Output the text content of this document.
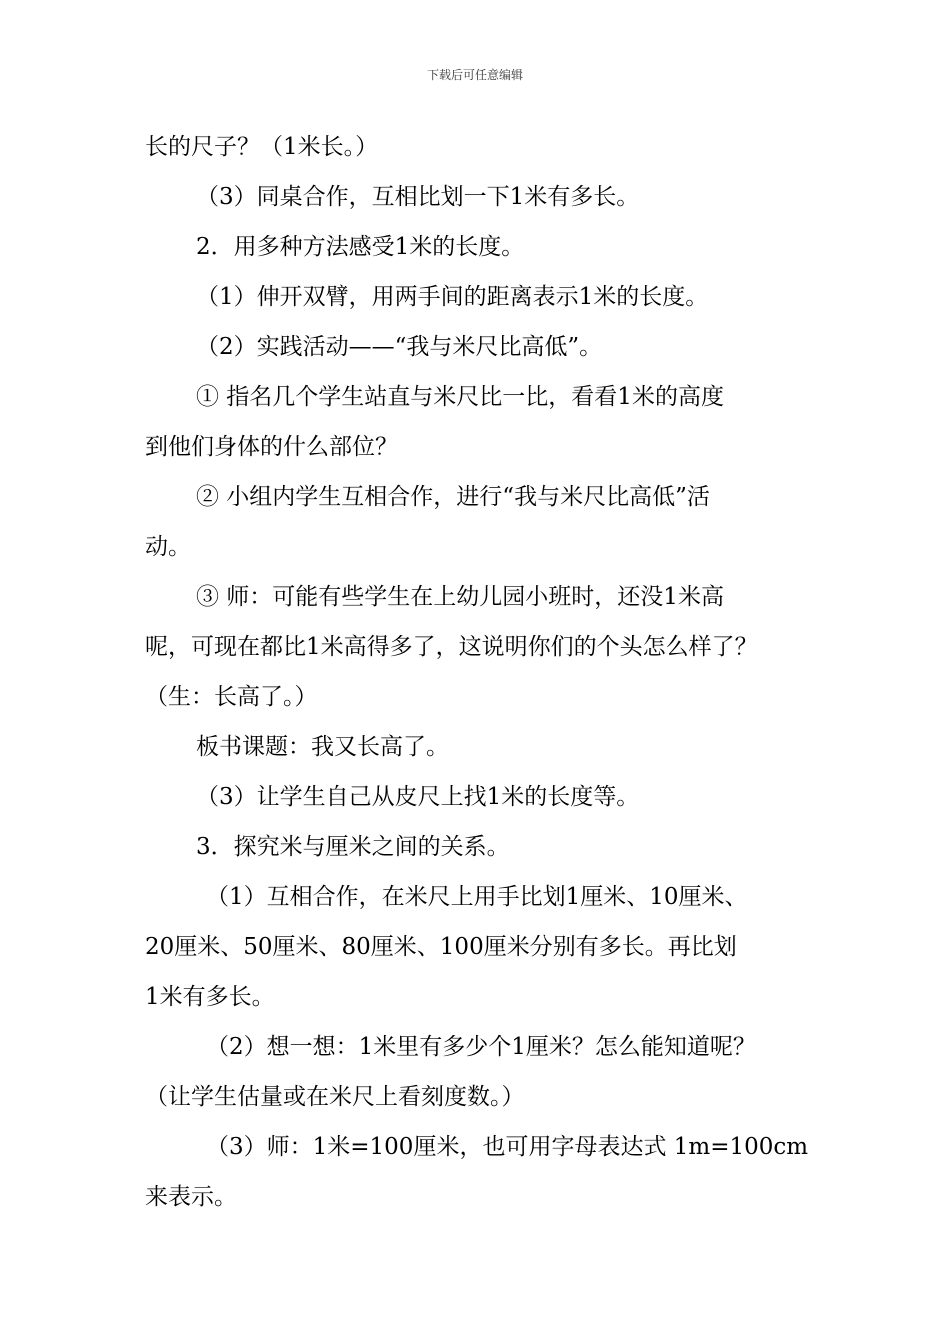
下载后可任意编辑

长的尺子？（1米长。）

（3）同桌合作，互相比划一下1米有多长。

2．用多种方法感受1米的长度。

（1）伸开双臂，用两手间的距离表示1米的长度。

（2）实践活动——“我与米尺比高低”。

① 指名几个学生站直与米尺比一比，看看1米的高度

到他们身体的什么部位？

② 小组内学生互相合作，进行“我与米尺比高低”活

动。

③ 师：可能有些学生在上幼儿园小班时，还没1米高

呢，可现在都比1米高得多了，这说明你们的个头怎么样了？

（生：长高了。）

板书课题：我又长高了。

（3）让学生自己从皮尺上找1米的长度等。

3．探究米与厘米之间的关系。

（1）互相合作，在米尺上用手比划1厘米、10厘米、

20厘米、50厘米、80厘米、100厘米分别有多长。再比划

1米有多长。

（2）想一想：1米里有多少个1厘米？怎么能知道呢？

（让学生估量或在米尺上看刻度数。）

（3）师：1米=100厘米，也可用字母表达式 1m=100cm

来表示。
